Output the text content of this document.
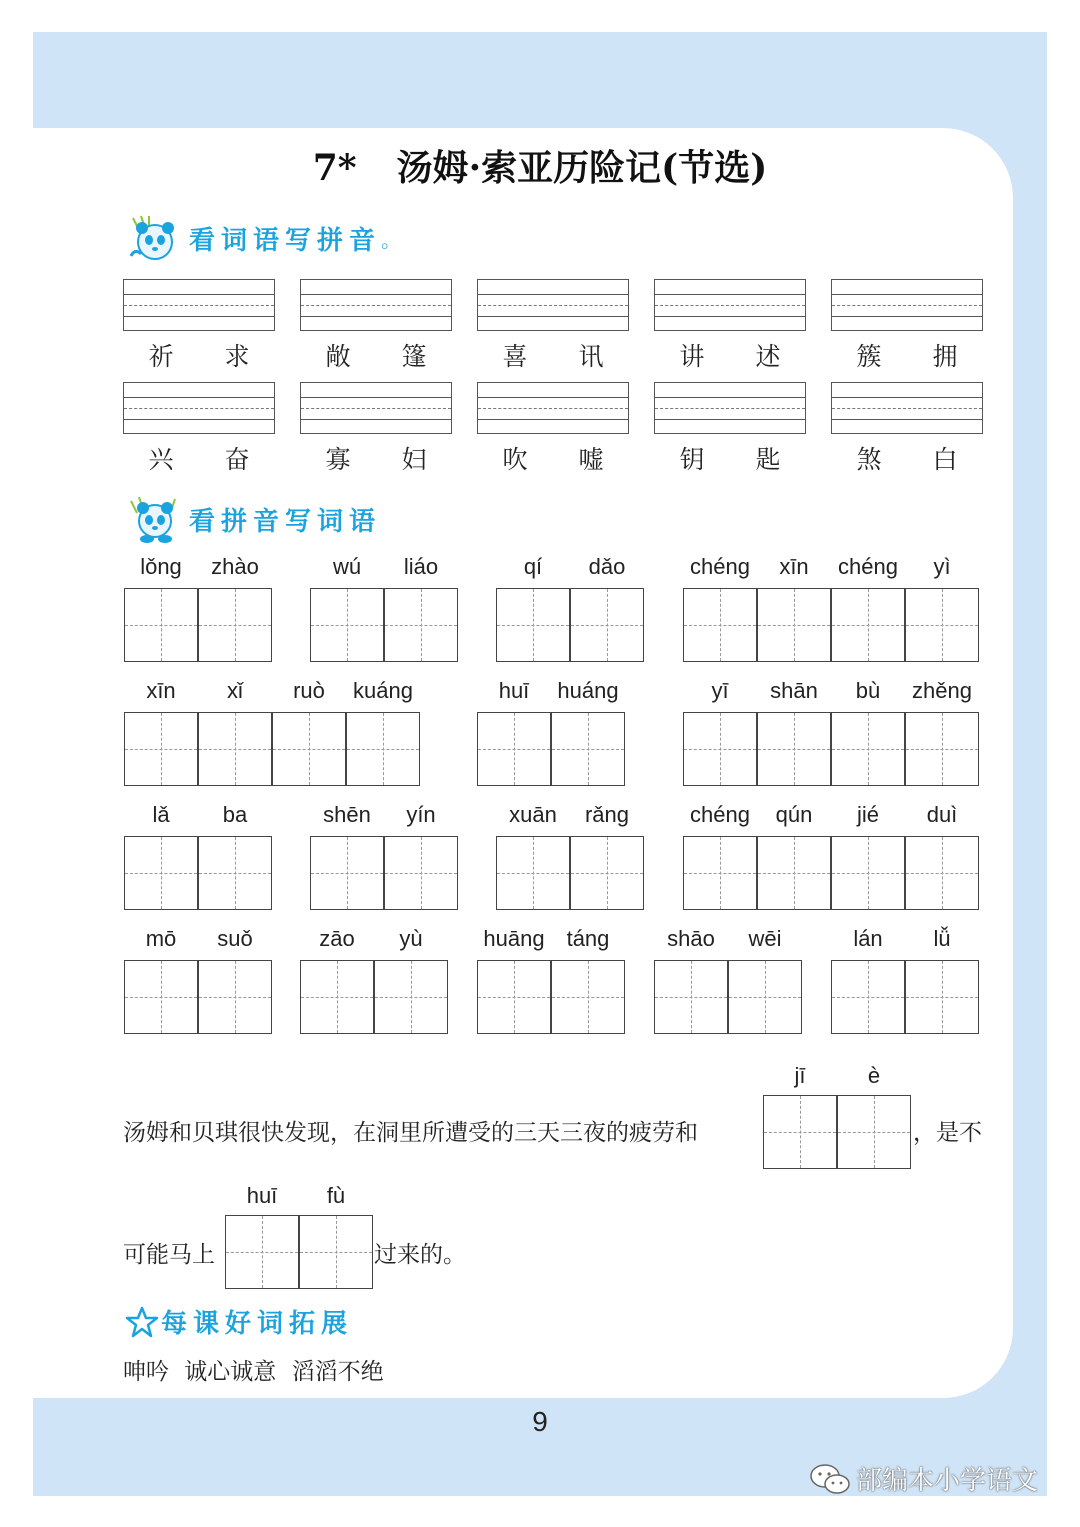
7* 汤姆·索亚历险记(节选)
看词语写拼音 。
祈 求	敞 篷	喜 讯	讲 述	簇 拥
兴 奋	寡 妇	吹 嘘	钥 匙	煞 白
看拼音写词语
lǒng	zhào	wú	liáo	qí	dǎo	chéng	xīn	chéng	yì
xīn	xǐ	ruò	kuáng	huī	huáng	yī	shān	bù	zhěng
lǎ	ba	shēn	yín	xuān	rǎng	chéng	qún	jié	duì
mō	suǒ	zāo	yù	huāng táng	shāo	wēi	lán	lǚ
汤姆和贝琪很快发现，在洞里所遭受的三天三夜的疲劳和
jī	è
，是不
可能马上
huī	fù
过来的。
每课好词拓展
呻吟 诚心诚意 滔滔不绝
9
部编本小学语文
